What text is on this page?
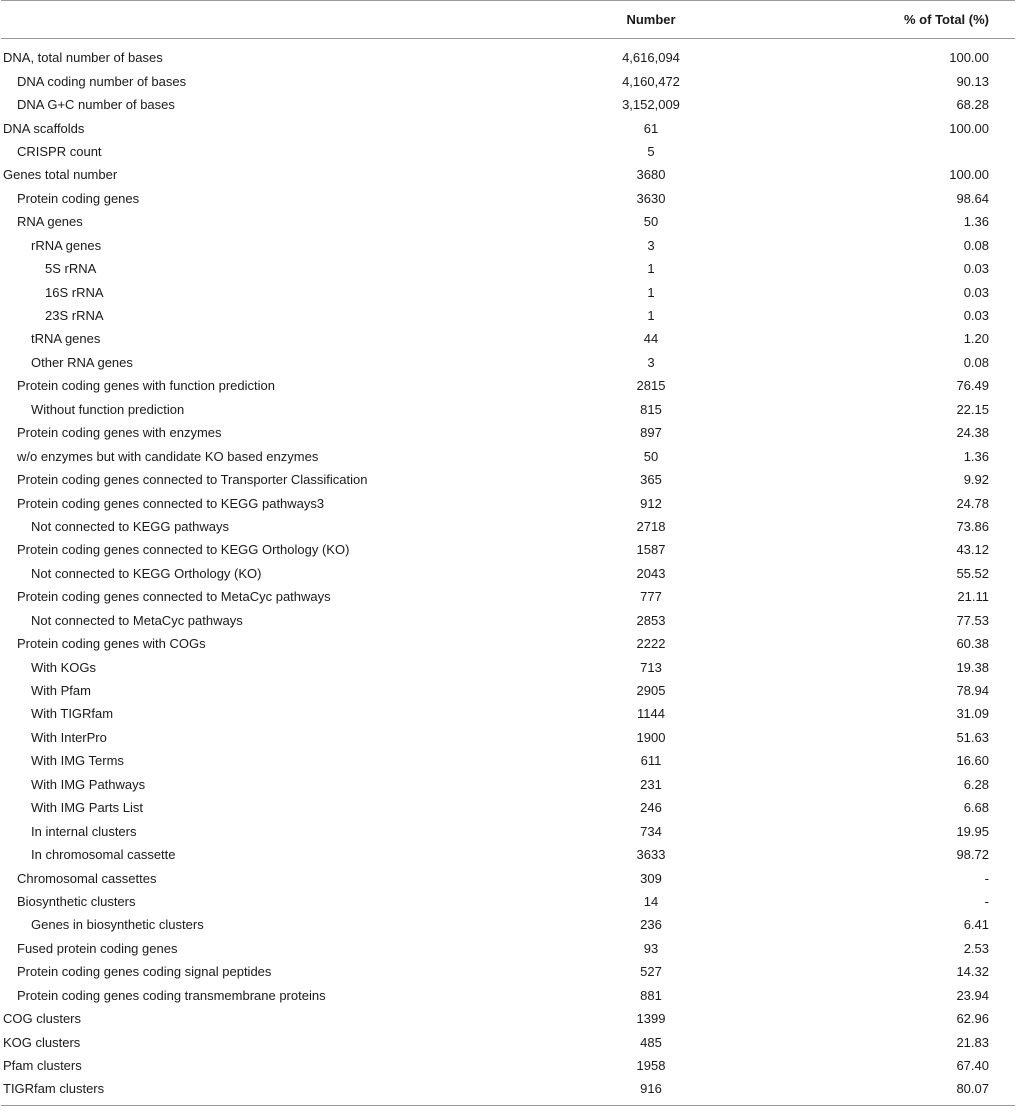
	Number	% of Total (%)

DNA, total number of bases	4,616,094	100.00
DNA coding number of bases	4,160,472	90.13
DNA G+C number of bases	3,152,009	68.28
DNA scaffolds	61	100.00
CRISPR count	5	
Genes total number	3680	100.00
Protein coding genes	3630	98.64
RNA genes	50	1.36
rRNA genes	3	0.08
5S rRNA	1	0.03
16S rRNA	1	0.03
23S rRNA	1	0.03
tRNA genes	44	1.20
Other RNA genes	3	0.08
Protein coding genes with function prediction	2815	76.49
Without function prediction	815	22.15
Protein coding genes with enzymes	897	24.38
w/o enzymes but with candidate KO based enzymes	50	1.36
Protein coding genes connected to Transporter Classification	365	9.92
Protein coding genes connected to KEGG pathways3	912	24.78
Not connected to KEGG pathways	2718	73.86
Protein coding genes connected to KEGG Orthology (KO)	1587	43.12
Not connected to KEGG Orthology (KO)	2043	55.52
Protein coding genes connected to MetaCyc pathways	777	21.11
Not connected to MetaCyc pathways	2853	77.53
Protein coding genes with COGs	2222	60.38
With KOGs	713	19.38
With Pfam	2905	78.94
With TIGRfam	1144	31.09
With InterPro	1900	51.63
With IMG Terms	611	16.60
With IMG Pathways	231	6.28
With IMG Parts List	246	6.68
In internal clusters	734	19.95
In chromosomal cassette	3633	98.72
Chromosomal cassettes	309	-
Biosynthetic clusters	14	-
Genes in biosynthetic clusters	236	6.41
Fused protein coding genes	93	2.53
Protein coding genes coding signal peptides	527	14.32
Protein coding genes coding transmembrane proteins	881	23.94
COG clusters	1399	62.96
KOG clusters	485	21.83
Pfam clusters	1958	67.40
TIGRfam clusters	916	80.07
